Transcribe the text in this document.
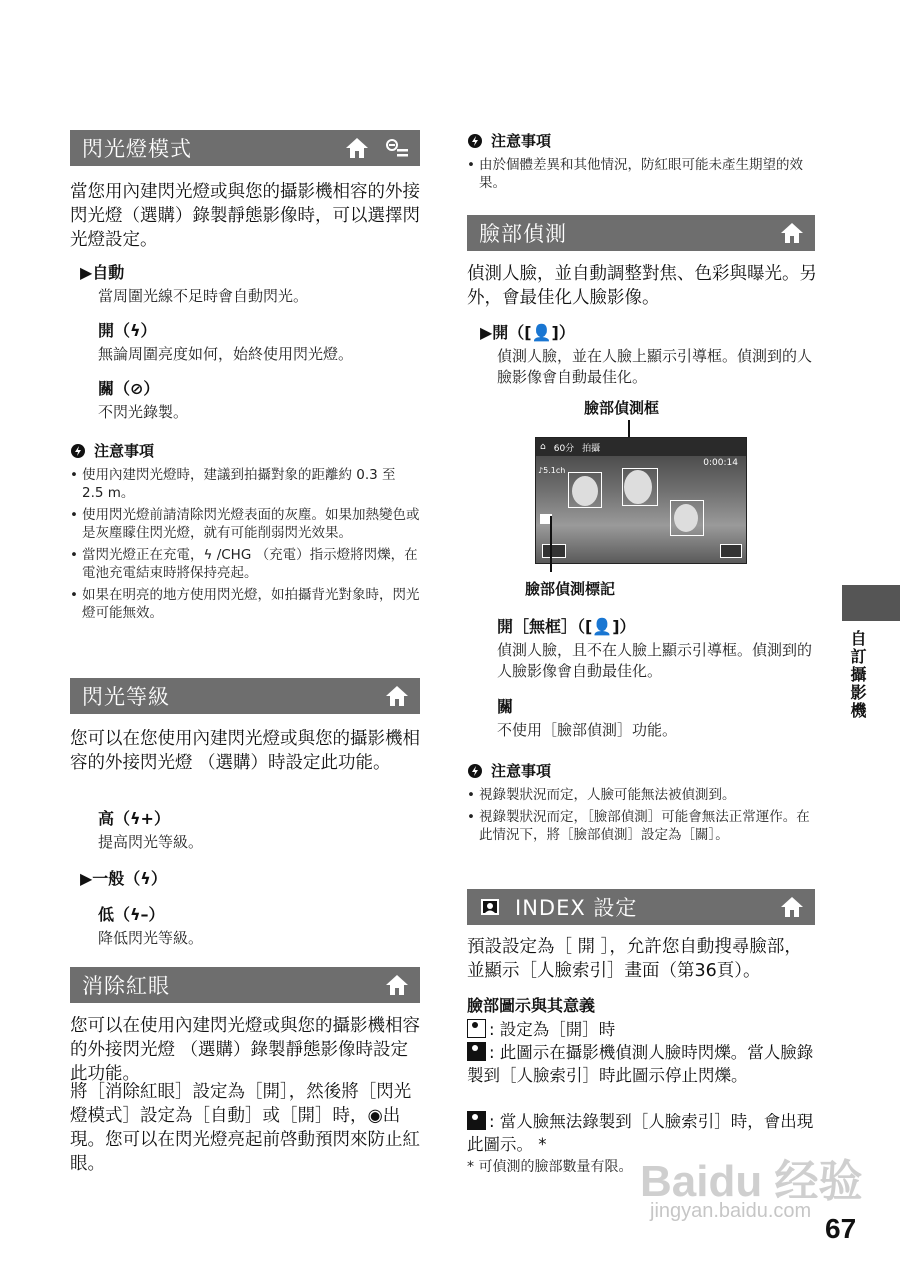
閃光燈模式
當您用內建閃光燈或與您的攝影機相容的外接閃光燈（選購）錄製靜態影像時，可以選擇閃光燈設定。
▶自動
當周圍光線不足時會自動閃光。
開（ϟ）
無論周圍亮度如何，始終使用閃光燈。
關（⊘）
不閃光錄製。
注意事項
• 使用內建閃光燈時，建議到拍攝對象的距離約 0.3 至 2.5 m。
• 使用閃光燈前請清除閃光燈表面的灰塵。如果加熱變色或是灰塵矇住閃光燈，就有可能削弱閃光效果。
• 當閃光燈正在充電，ϟ /CHG （充電）指示燈將閃爍，在電池充電結束時將保持亮起。
• 如果在明亮的地方使用閃光燈，如拍攝背光對象時，閃光燈可能無效。
閃光等級
您可以在您使用內建閃光燈或與您的攝影機相容的外接閃光燈 （選購）時設定此功能。
高（ϟ+）
提高閃光等級。
▶一般（ϟ）
低（ϟ–）
降低閃光等級。
消除紅眼
您可以在使用內建閃光燈或與您的攝影機相容的外接閃光燈 （選購）錄製靜態影像時設定此功能。
將［消除紅眼］設定為［開］，然後將［閃光燈模式］設定為［自動］或［開］時，◉出現。您可以在閃光燈亮起前啓動預閃來防止紅眼。
注意事項
• 由於個體差異和其他情況，防紅眼可能未產生期望的效果。
臉部偵測
偵測人臉，並自動調整對焦、色彩與曝光。另外，會最佳化人臉影像。
▶開（[👤]）
偵測人臉，並在人臉上顯示引導框。偵測到的人臉影像會自動最佳化。
臉部偵測框
⌂ 60分 拍攝
0:00:14
♪5.1ch
臉部偵測標記
開［無框］（[👤]）
偵測人臉，且不在人臉上顯示引導框。偵測到的人臉影像會自動最佳化。
關
不使用［臉部偵測］功能。
注意事項
• 視錄製狀況而定，人臉可能無法被偵測到。
• 視錄製狀況而定，［臉部偵測］可能會無法正常運作。在此情況下，將［臉部偵測］設定為［關］。
INDEX 設定
預設設定為［ 開 ］，允許您自動搜尋臉部，並顯示［人臉索引］畫面（第36頁）。
臉部圖示與其意義
: 設定為［開］時
: 此圖示在攝影機偵測人臉時閃爍。當人臉錄製到［人臉索引］時此圖示停止閃爍。
: 當人臉無法錄製到［人臉索引］時，會出現此圖示。 *
* 可偵測的臉部數量有限。
自訂攝影機
Baidu 经验
jingyan.baidu.com
67
